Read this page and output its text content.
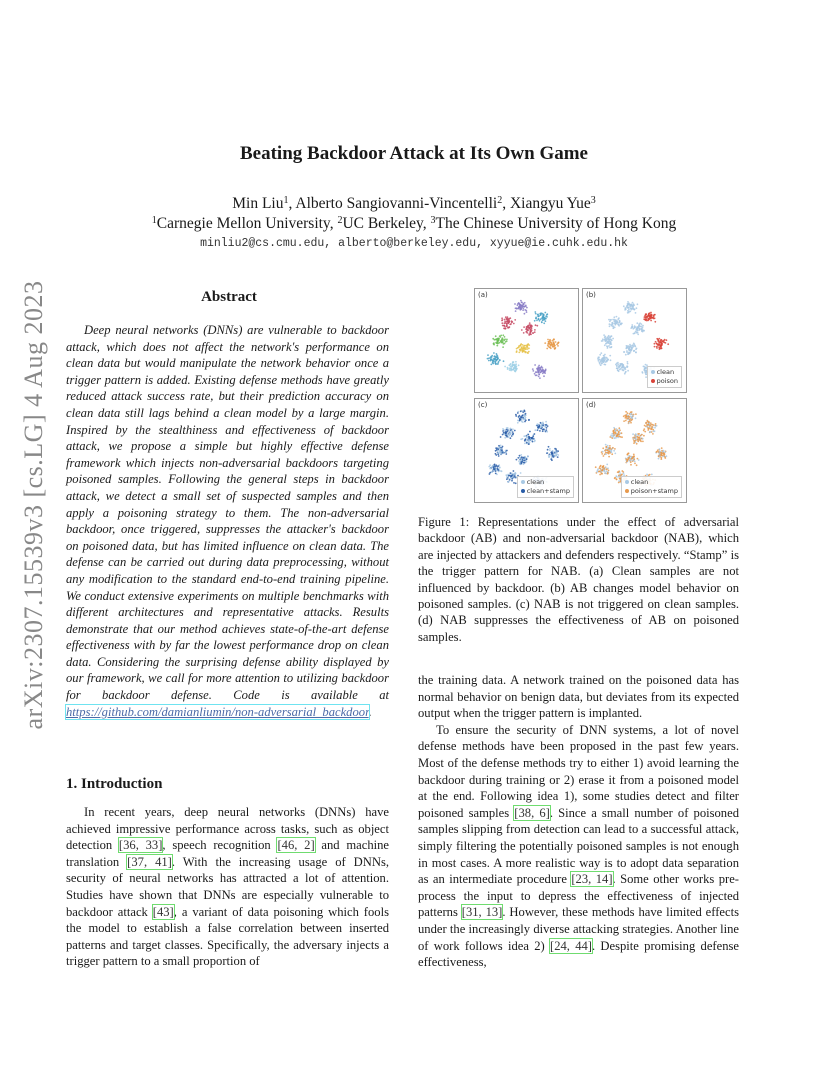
arXiv:2307.15539v3 [cs.LG] 4 Aug 2023
Beating Backdoor Attack at Its Own Game
Min Liu$^1$, Alberto Sangiovanni-Vincentelli$^2$, Xiangyu Yue$^3$
$^1$Carnegie Mellon University, $^2$UC Berkeley, $^3$The Chinese University of Hong Kong
minliu2@cs.cmu.edu, alberto@berkeley.edu, xyyue@ie.cuhk.edu.hk
Abstract
Deep neural networks (DNNs) are vulnerable to backdoor attack, which does not affect the network's performance on clean data but would manipulate the network behavior once a trigger pattern is added. Existing defense methods have greatly reduced attack success rate, but their prediction accuracy on clean data still lags behind a clean model by a large margin. Inspired by the stealthiness and effectiveness of backdoor attack, we propose a simple but highly effective defense framework which injects non-adversarial backdoors targeting poisoned samples. Following the general steps in backdoor attack, we detect a small set of suspected samples and then apply a poisoning strategy to them. The non-adversarial backdoor, once triggered, suppresses the attacker's backdoor on poisoned data, but has limited influence on clean data. The defense can be carried out during data preprocessing, without any modification to the standard end-to-end training pipeline. We conduct extensive experiments on multiple benchmarks with different architectures and representative attacks. Results demonstrate that our method achieves state-of-the-art defense effectiveness with by far the lowest performance drop on clean data. Considering the surprising defense ability displayed by our framework, we call for more attention to utilizing backdoor for backdoor defense. Code is available at https://github.com/damianliumin/non-adversarial_backdoor.
1. Introduction
In recent years, deep neural networks (DNNs) have achieved impressive performance across tasks, such as object detection [36, 33], speech recognition [46, 2] and machine translation [37, 41]. With the increasing usage of DNNs, security of neural networks has attracted a lot of attention. Studies have shown that DNNs are especially vulnerable to backdoor attack [43], a variant of data poisoning which fools the model to establish a false correlation between inserted patterns and target classes. Specifically, the adversary injects a trigger pattern to a small proportion of
(a)	(b)
clean
poison
(c)
clean
clean+stamp
(d)
clean
poison+stamp
Figure 1: Representations under the effect of adversarial backdoor (AB) and non-adversarial backdoor (NAB), which are injected by attackers and defenders respectively. “Stamp” is the trigger pattern for NAB. (a) Clean samples are not influenced by backdoor. (b) AB changes model behavior on poisoned samples. (c) NAB is not triggered on clean samples. (d) NAB suppresses the effectiveness of AB on poisoned samples.

the training data. A network trained on the poisoned data has normal behavior on benign data, but deviates from its expected output when the trigger pattern is implanted.

To ensure the security of DNN systems, a lot of novel defense methods have been proposed in the past few years. Most of the defense methods try to either 1) avoid learning the backdoor during training or 2) erase it from a poisoned model at the end. Following idea 1), some studies detect and filter poisoned samples [38, 6]. Since a small number of poisoned samples slipping from detection can lead to a successful attack, simply filtering the potentially poisoned samples is not enough in most cases. A more realistic way is to adopt data separation as an intermediate procedure [23, 14]. Some other works pre-process the input to depress the effectiveness of injected patterns [31, 13]. However, these methods have limited effects under the increasingly diverse attacking strategies. Another line of work follows idea 2) [24, 44]. Despite promising defense effectiveness,
